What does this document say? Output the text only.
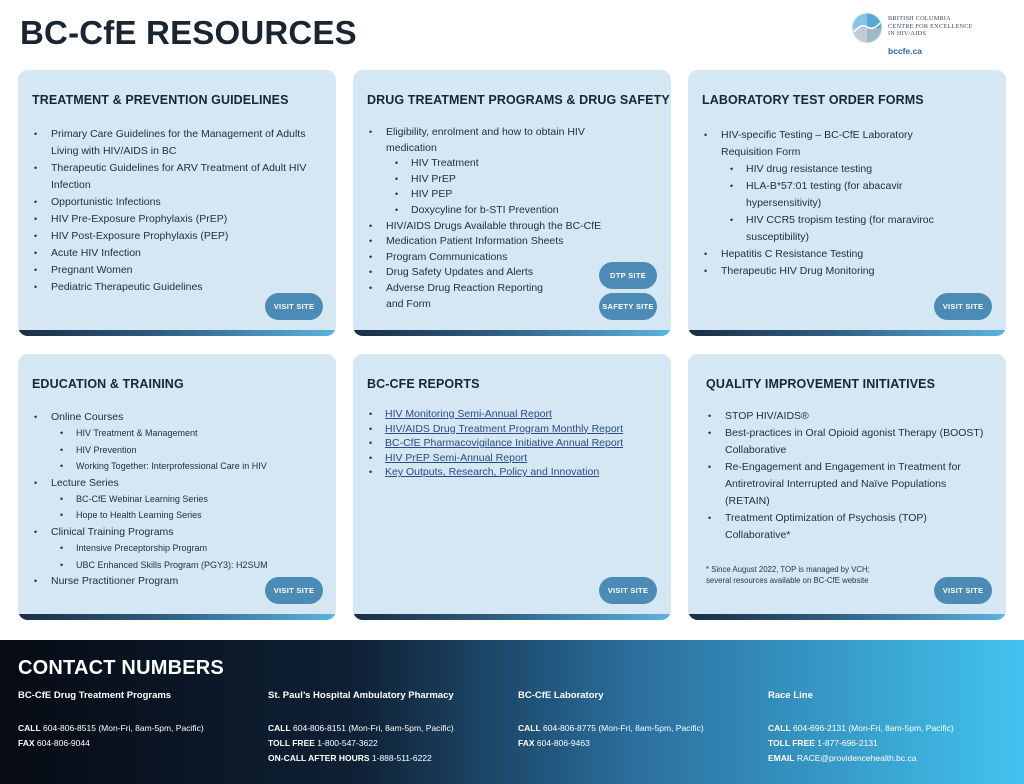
BC-CfE RESOURCES	BRITISH COLUMBIA
CENTRE FOR EXCELLENCE
IN HIV/AIDS
bccfe.ca
TREATMENT & PREVENTION GUIDELINES
• Primary Care Guidelines for the Management of Adults Living with HIV/AIDS in BC
• Therapeutic Guidelines for ARV Treatment of Adult HIV Infection
• Opportunistic Infections
• HIV Pre-Exposure Prophylaxis (PrEP)
• HIV Post-Exposure Prophylaxis (PEP)
• Acute HIV Infection
• Pregnant Women
• Pediatric Therapeutic Guidelines
VISIT SITE
DRUG TREATMENT PROGRAMS & DRUG SAFETY
• Eligibility, enrolment and how to obtain HIV medication
• HIV Treatment
• HIV PrEP
• HIV PEP
• Doxycyline for b-STI Prevention
• HIV/AIDS Drugs Available through the BC-CfE
• Medication Patient Information Sheets
• Program Communications
• Drug Safety Updates and Alerts
• Adverse Drug Reaction Reporting and Form
DTP SITE
SAFETY SITE
LABORATORY TEST ORDER FORMS
• HIV-specific Testing – BC-CfE Laboratory Requisition Form
• HIV drug resistance testing
• HLA-B*57:01 testing (for abacavir hypersensitivity)
• HIV CCR5 tropism testing (for maraviroc susceptibility)
• Hepatitis C Resistance Testing
• Therapeutic HIV Drug Monitoring
VISIT SITE
EDUCATION & TRAINING
• Online Courses
• HIV Treatment & Management
• HIV Prevention
• Working Together: Interprofessional Care in HIV
• Lecture Series
• BC-CfE Webinar Learning Series
• Hope to Health Learning Series
• Clinical Training Programs
• Intensive Preceptorship Program
• UBC Enhanced Skills Program (PGY3): H2SUM
• Nurse Practitioner Program
VISIT SITE
BC-CFE REPORTS
• HIV Monitoring Semi-Annual Report
• HIV/AIDS Drug Treatment Program Monthly Report
• BC-CfE Pharmacovigilance Initiative Annual Report
• HIV PrEP Semi-Annual Report
• Key Outputs, Research, Policy and Innovation
VISIT SITE
QUALITY IMPROVEMENT INITIATIVES
• STOP HIV/AIDS®
• Best-practices in Oral Opioid agonist Therapy (BOOST) Collaborative
• Re-Engagement and Engagement in Treatment for Antiretroviral Interrupted and Naïve Populations (RETAIN)
• Treatment Optimization of Psychosis (TOP) Collaborative*
* Since August 2022, TOP is managed by VCH;
several resources available on BC-CfE website
VISIT SITE
CONTACT NUMBERS
BC-CfE Drug Treatment Programs
CALL 604-806-8515 (Mon-Fri, 8am-5pm, Pacific)
FAX 604-806-9044
St. Paul’s Hospital Ambulatory Pharmacy
CALL 604-806-8151 (Mon-Fri, 8am-5pm, Pacific)
TOLL FREE 1-800-547-3622
ON-CALL AFTER HOURS 1-888-511-6222
BC-CfE Laboratory
CALL 604-806-8775 (Mon-Fri, 8am-5pm, Pacific)
FAX 604-806-9463
Race Line
CALL 604-696-2131 (Mon-Fri, 8am-5pm, Pacific)
TOLL FREE 1-877-696-2131
EMAIL RACE@providencehealth.bc.ca
